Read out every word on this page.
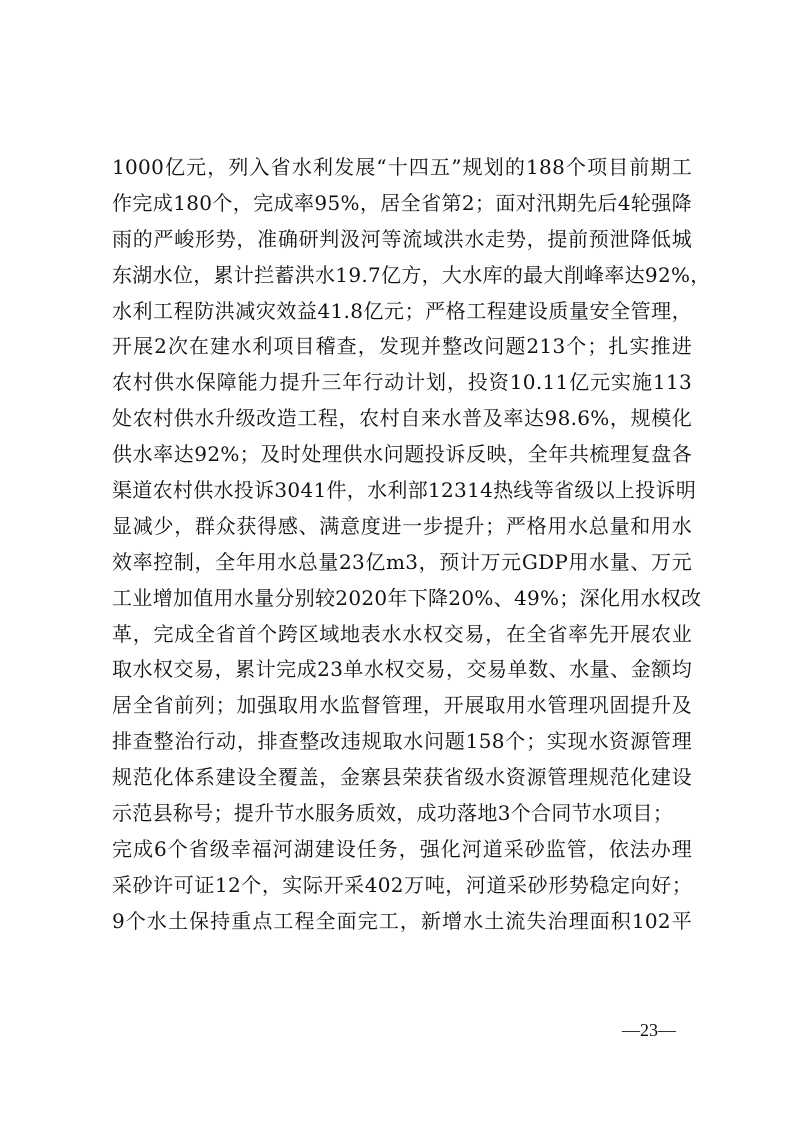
1000亿元，列入省水利发展“十四五”规划的188个项目前期工
作完成180个，完成率95%，居全省第2；面对汛期先后4轮强降
雨的严峻形势，准确研判汲河等流域洪水走势，提前预泄降低城
东湖水位，累计拦蓄洪水19.7亿方，大水库的最大削峰率达92%，
水利工程防洪减灾效益41.8亿元；严格工程建设质量安全管理，
开展2次在建水利项目稽查，发现并整改问题213个；扎实推进
农村供水保障能力提升三年行动计划，投资10.11亿元实施113
处农村供水升级改造工程，农村自来水普及率达98.6%，规模化
供水率达92%；及时处理供水问题投诉反映，全年共梳理复盘各
渠道农村供水投诉3041件，水利部12314热线等省级以上投诉明
显减少，群众获得感、满意度进一步提升；严格用水总量和用水
效率控制，全年用水总量23亿m3，预计万元GDP用水量、万元
工业增加值用水量分别较2020年下降20%、49%；深化用水权改
革，完成全省首个跨区域地表水水权交易，在全省率先开展农业
取水权交易，累计完成23单水权交易，交易单数、水量、金额均
居全省前列；加强取用水监督管理，开展取用水管理巩固提升及
排查整治行动，排查整改违规取水问题158个；实现水资源管理
规范化体系建设全覆盖，金寨县荣获省级水资源管理规范化建设
示范县称号；提升节水服务质效，成功落地3个合同节水项目；
完成6个省级幸福河湖建设任务，强化河道采砂监管，依法办理
采砂许可证12个，实际开采402万吨，河道采砂形势稳定向好；
9个水土保持重点工程全面完工，新增水土流失治理面积102平
—23—
